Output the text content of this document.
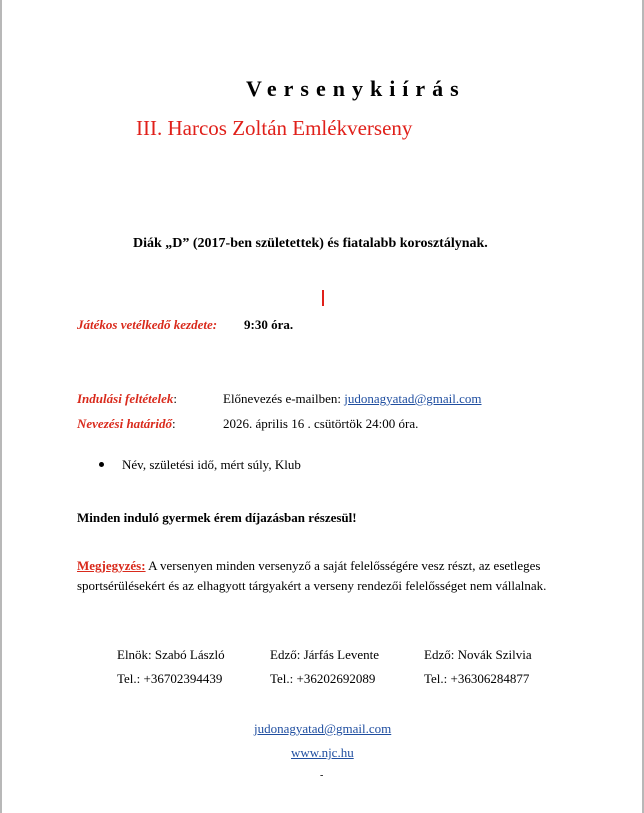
Versenykiírás
III. Harcos Zoltán Emlékverseny
Diák „D” (2017-ben születettek) és fiatalabb korosztálynak.
Játékos vetélkedő kezdete: 9:30 óra.
Indulási feltételek:	Előnevezés e-mailben: judonagyatad@gmail.com
Nevezési határidő:	2026. április 16 . csütörtök 24:00 óra.
Név, születési idő, mért súly, Klub
Minden induló gyermek érem díjazásban részesül!
Megjegyzés: A versenyen minden versenyző a saját felelősségére vesz részt, az esetleges sportsérülésekért és az elhagyott tárgyakért a verseny rendezői felelősséget nem vállalnak.
Elnök: Szabó László	Edző: Járfás Levente	Edző: Novák Szilvia
Tel.: +36702394439	Tel.: +36202692089	Tel.: +36306284877
judonagyatad@gmail.com
www.njc.hu
-
